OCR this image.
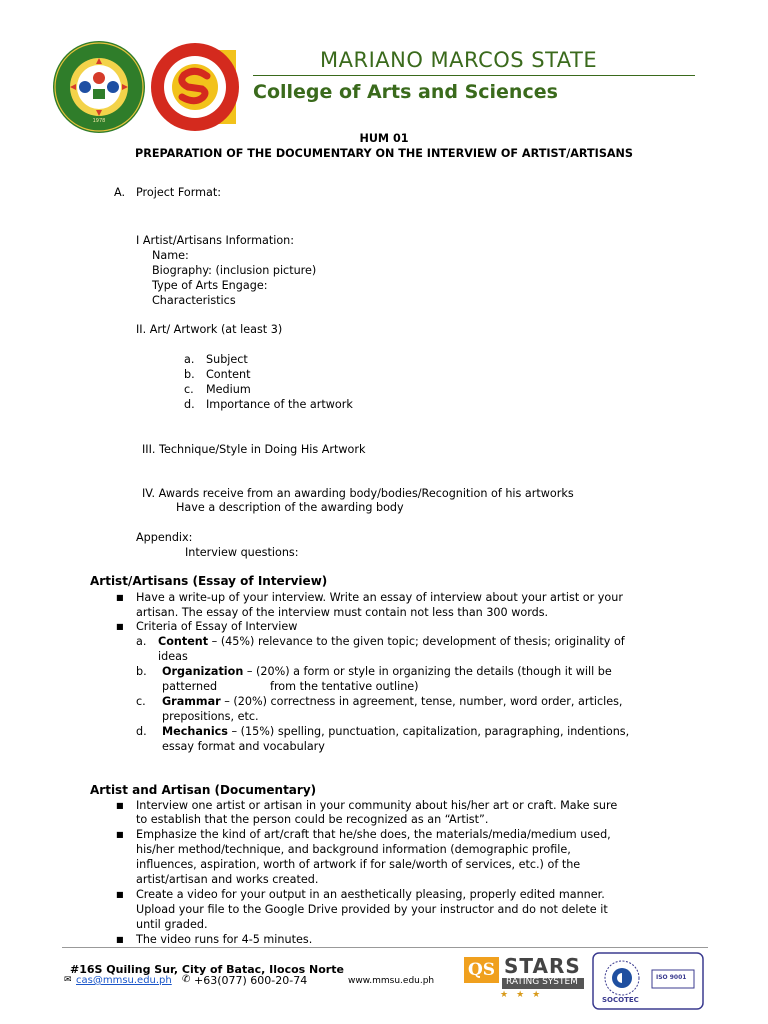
1978
MARIANO MARCOS STATE
College of Arts and Sciences
HUM 01
PREPARATION OF THE DOCUMENTARY ON THE INTERVIEW OF ARTIST/ARTISANS
A. Project Format:
I Artist/Artisans Information:
Name:
Biography: (inclusion picture)
Type of Arts Engage:
Characteristics
II. Art/ Artwork (at least 3)
a. Subject
b. Content
c. Medium
d. Importance of the artwork
III. Technique/Style in Doing His Artwork
IV. Awards receive from an awarding body/bodies/Recognition of his artworks
Have a description of the awarding body
Appendix:
Interview questions:
Artist/Artisans (Essay of Interview)
■ Have a write-up of your interview. Write an essay of interview about your artist or your
artisan. The essay of the interview must contain not less than 300 words.
■ Criteria of Essay of Interview
a. Content – (45%) relevance to the given topic; development of thesis; originality of
ideas
b. Organization – (20%) a form or style in organizing the details (though it will be
patterned	from the tentative outline)
c. Grammar – (20%) correctness in agreement, tense, number, word order, articles,
prepositions, etc.
d. Mechanics – (15%) spelling, punctuation, capitalization, paragraphing, indentions,
essay format and vocabulary
Artist and Artisan (Documentary)
■ Interview one artist or artisan in your community about his/her art or craft. Make sure
to establish that the person could be recognized as an “Artist”.
■ Emphasize the kind of art/craft that he/she does, the materials/media/medium used,
his/her method/technique, and background information (demographic profile,
influences, aspiration, worth of artwork if for sale/worth of services, etc.) of the
artist/artisan and works created.
■ Create a video for your output in an aesthetically pleasing, properly edited manner.
Upload your file to the Google Drive provided by your instructor and do not delete it
until graded.
■ The video runs for 4-5 minutes.
#16S Quiling Sur, City of Batac, Ilocos Norte
✉ cas@mmsu.edu.ph ✆ +63(077) 600-20-74	www.mmsu.edu.ph
QS STARS
RATING SYSTEM
★★★
ISO 9001
SOCOTEC
